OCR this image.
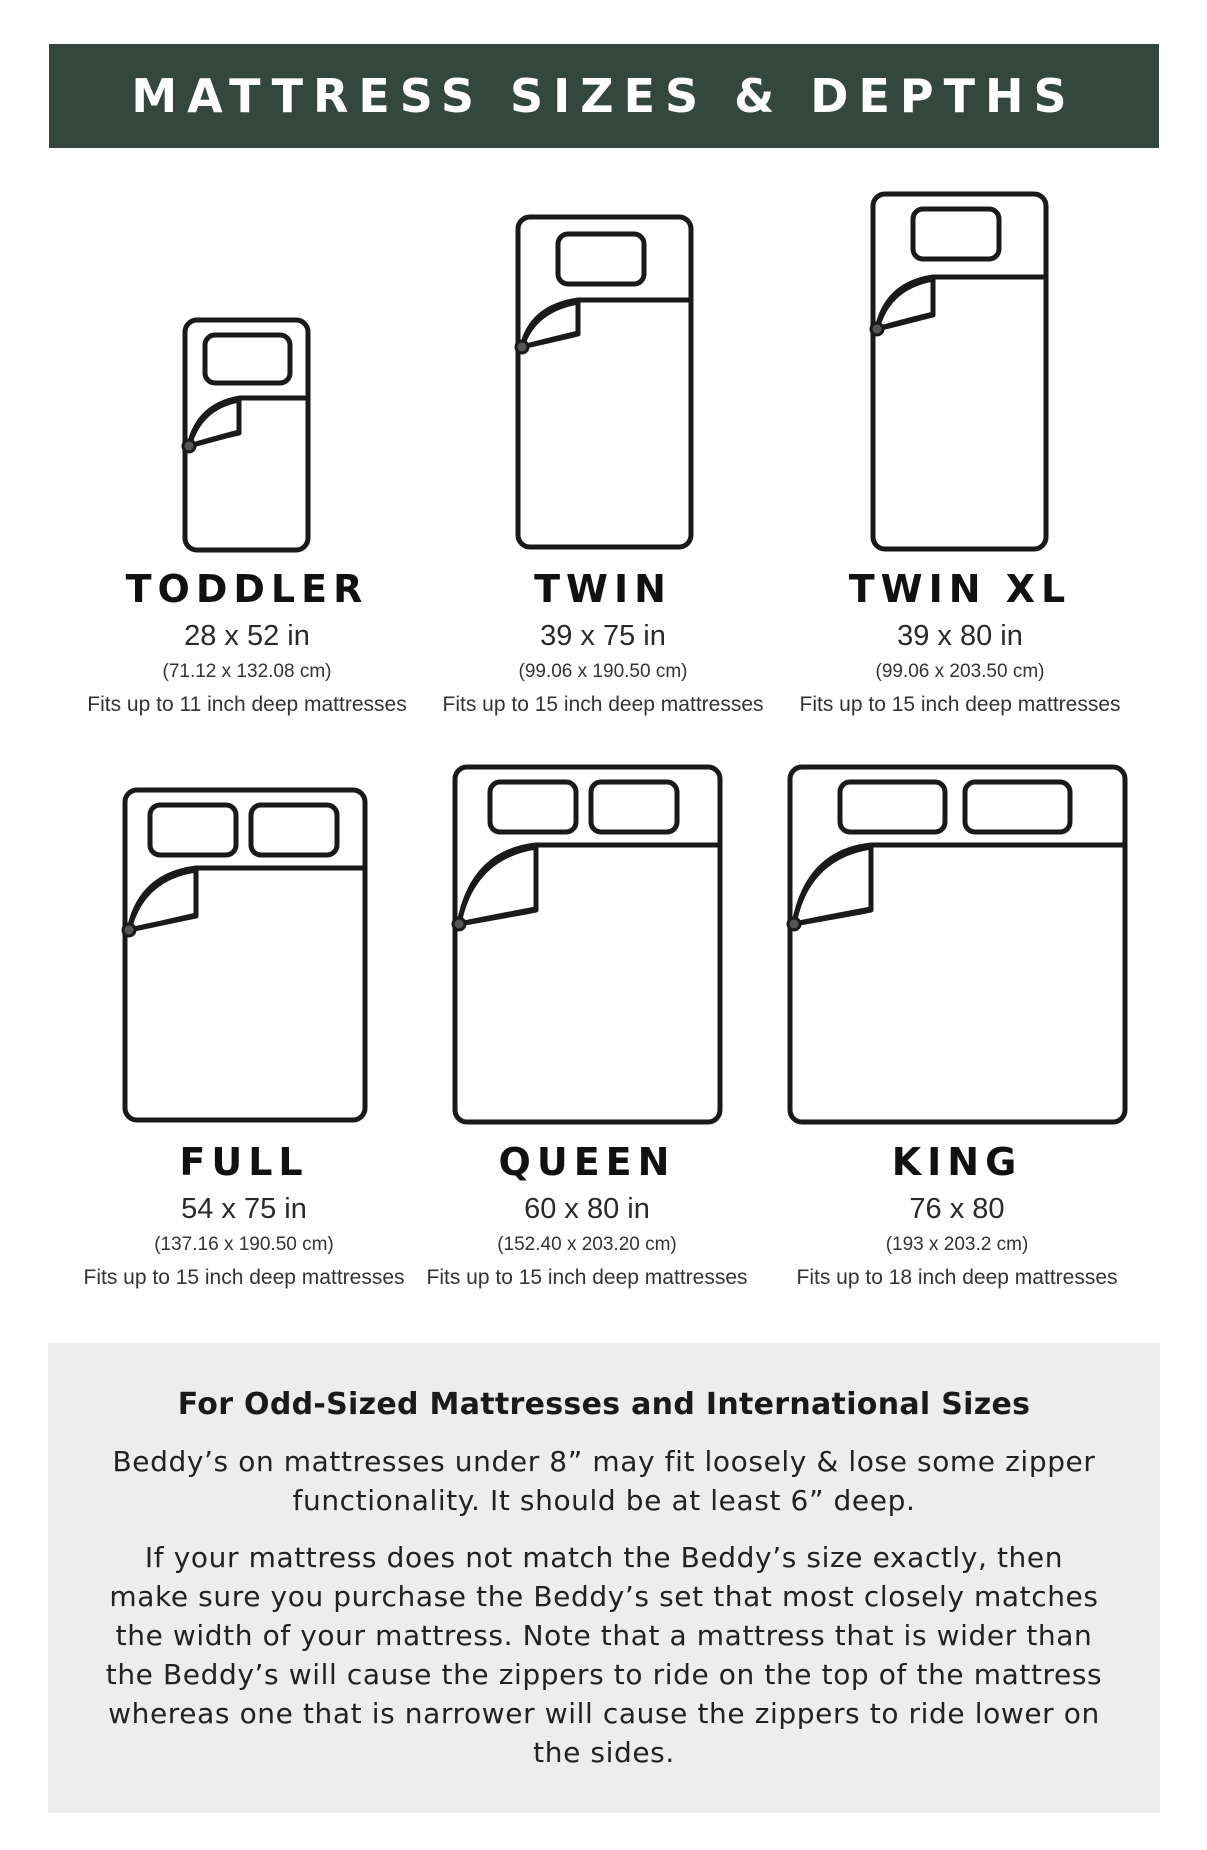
MATTRESS SIZES & DEPTHS
TODDLER
28 x 52 in
(71.12 x 132.08 cm)
Fits up to 11 inch deep mattresses
TWIN
39 x 75 in
(99.06 x 190.50 cm)
Fits up to 15 inch deep mattresses
TWIN XL
39 x 80 in
(99.06 x 203.50 cm)
Fits up to 15 inch deep mattresses
FULL
54 x 75 in
(137.16 x 190.50 cm)
Fits up to 15 inch deep mattresses
QUEEN
60 x 80 in
(152.40 x 203.20 cm)
Fits up to 15 inch deep mattresses
KING
76 x 80
(193 x 203.2 cm)
Fits up to 18 inch deep mattresses
For Odd-Sized Mattresses and International Sizes

Beddy’s on mattresses under 8” may fit loosely & lose some zipper functionality. It should be at least 6” deep.

If your mattress does not match the Beddy’s size exactly, then make sure you purchase the Beddy’s set that most closely matches the width of your mattress. Note that a mattress that is wider than the Beddy’s will cause the zippers to ride on the top of the mattress whereas one that is narrower will cause the zippers to ride lower on the sides.
